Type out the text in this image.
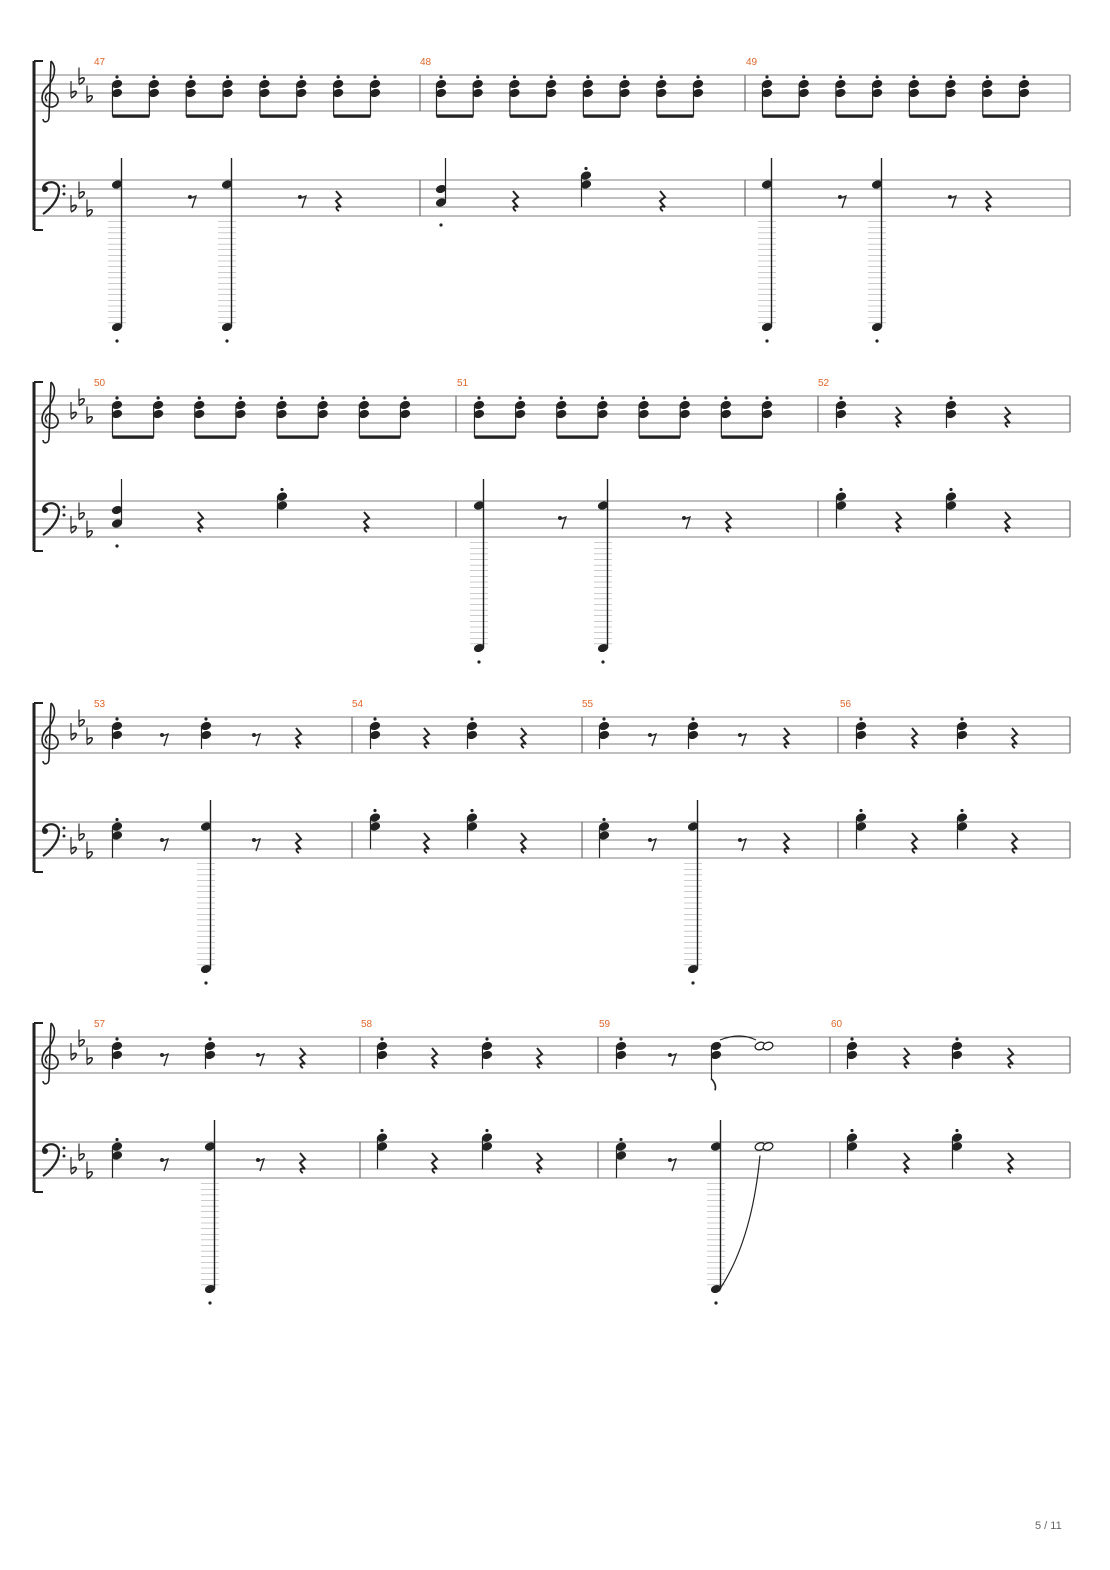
47	48	49
50	51	52
53	54	55	56
57	58	59	60
5 / 11
